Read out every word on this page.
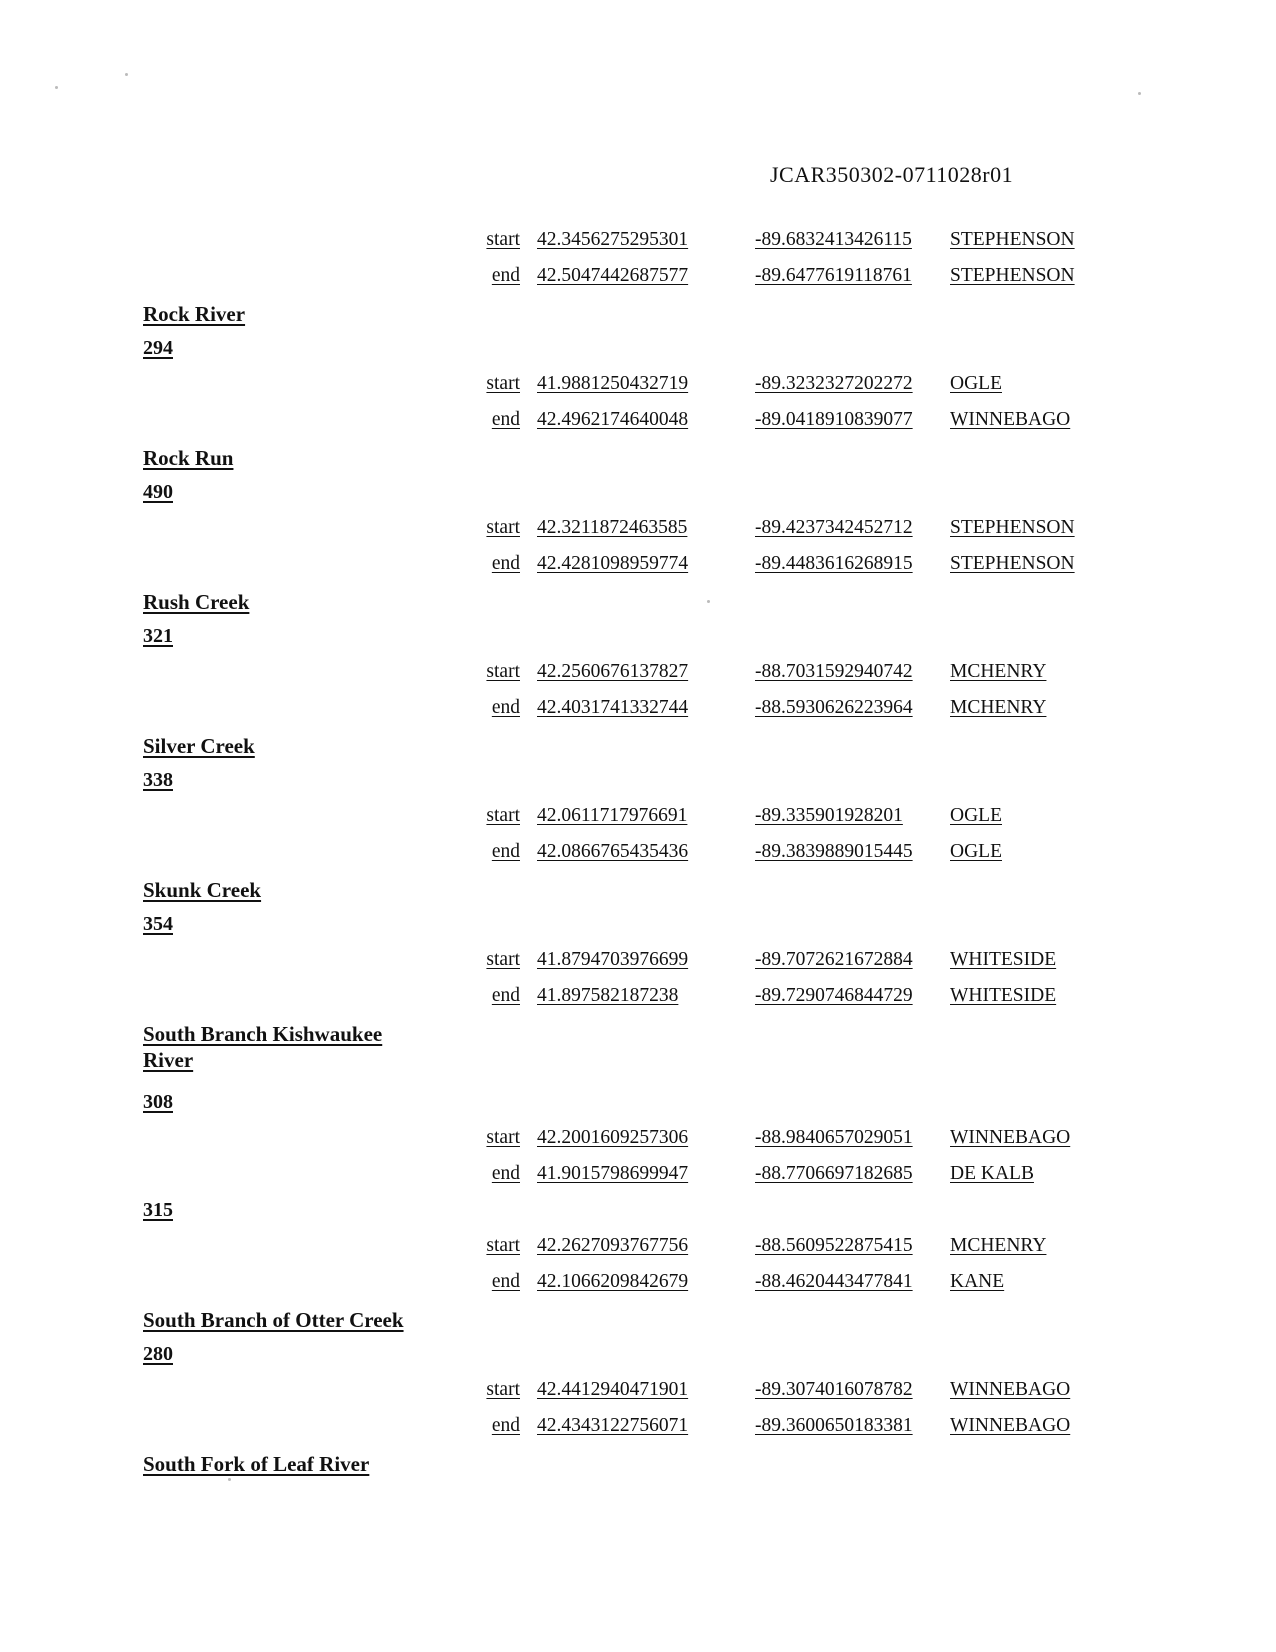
JCAR350302-0711028r01
start 42.3456275295301	-89.6832413426115 STEPHENSON
end 42.5047442687577	-89.6477619118761 STEPHENSON
Rock River
294
start 41.9881250432719	-89.3232327202272 OGLE
end 42.4962174640048	-89.0418910839077 WINNEBAGO
Rock Run
490
start 42.3211872463585	-89.4237342452712 STEPHENSON
end 42.4281098959774	-89.4483616268915 STEPHENSON
Rush Creek
321
start 42.2560676137827	-88.7031592940742 MCHENRY
end 42.4031741332744	-88.5930626223964 MCHENRY
Silver Creek
338
start 42.0611717976691	-89.335901928201 OGLE
end 42.0866765435436	-89.3839889015445 OGLE
Skunk Creek
354
start 41.8794703976699	-89.7072621672884 WHITESIDE
end 41.897582187238	-89.7290746844729 WHITESIDE
South Branch Kishwaukee River
308
start 42.2001609257306	-88.9840657029051 WINNEBAGO
end 41.9015798699947	-88.7706697182685 DE KALB
315
start 42.2627093767756	-88.5609522875415 MCHENRY
end 42.1066209842679	-88.4620443477841 KANE
South Branch of Otter Creek
280
start 42.4412940471901	-89.3074016078782 WINNEBAGO
end 42.4343122756071	-89.3600650183381 WINNEBAGO
South Fork of Leaf River
